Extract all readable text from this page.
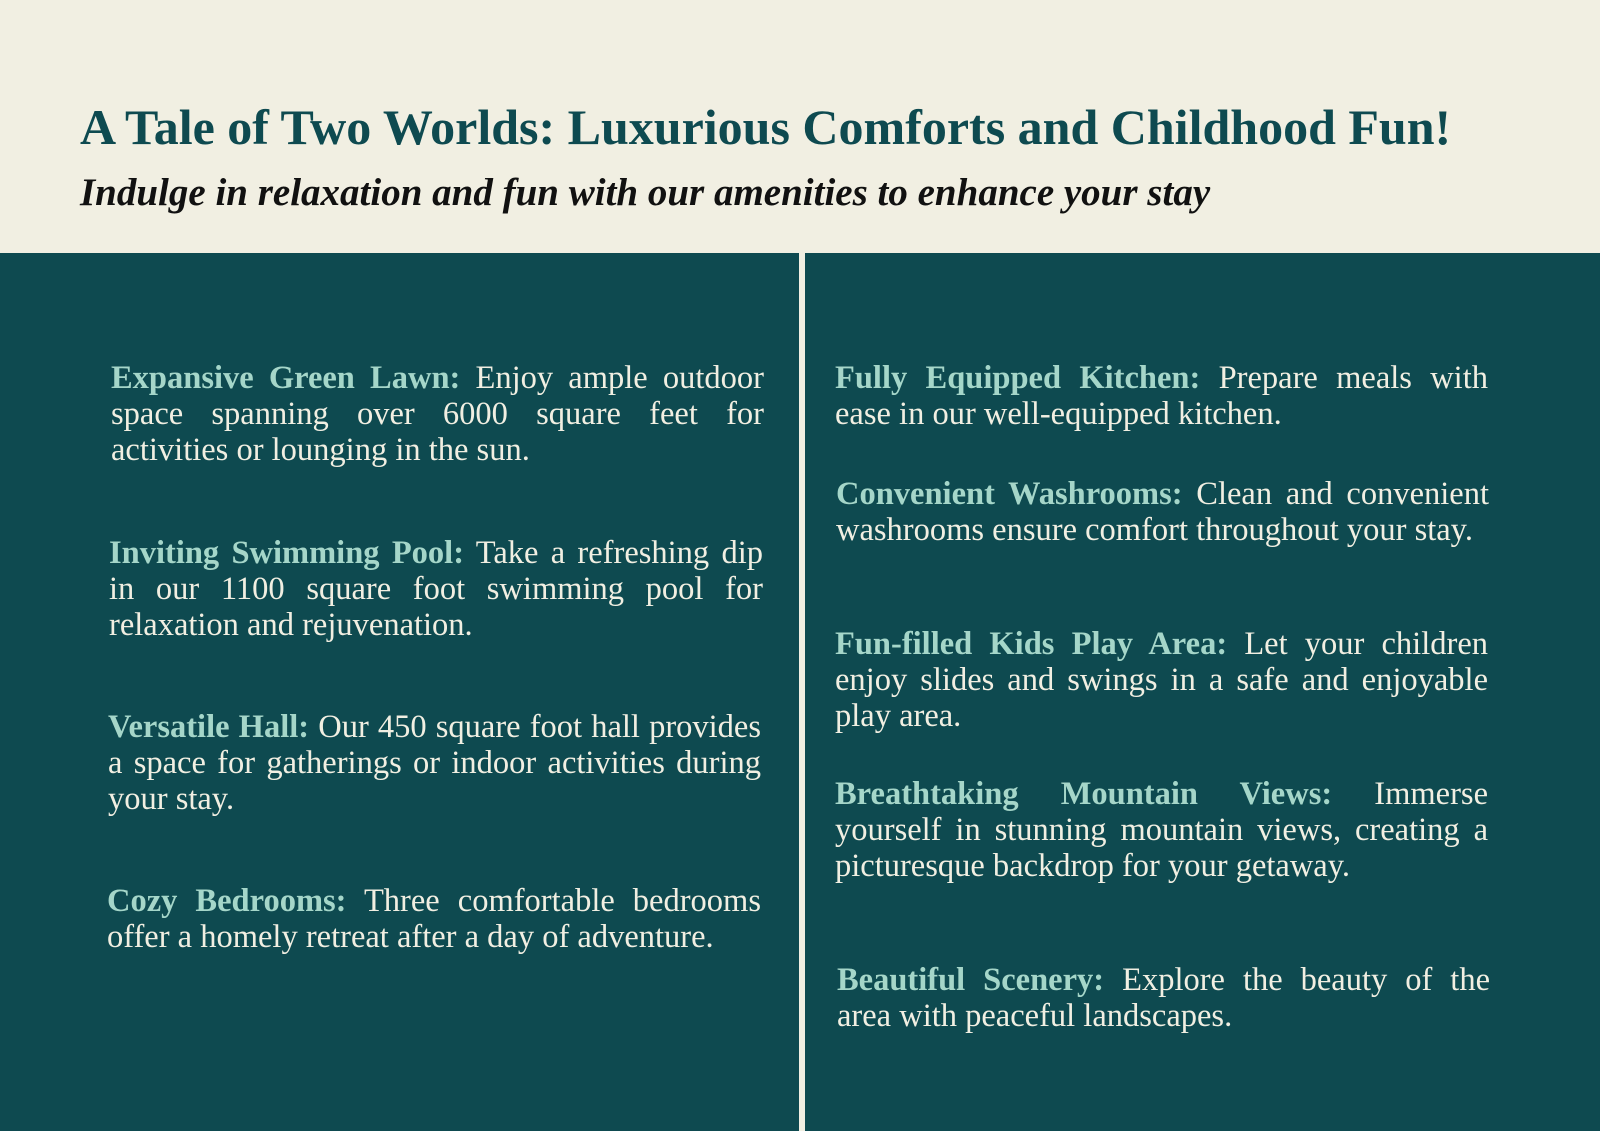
A Tale of Two Worlds: Luxurious Comforts and Childhood Fun!
Indulge in relaxation and fun with our amenities to enhance your stay

Expansive Green Lawn: Enjoy ample outdoor space spanning over 6000 square feet for activities or lounging in the sun.

Inviting Swimming Pool: Take a refreshing dip in our 1100 square foot swimming pool for relaxation and rejuvenation.

Versatile Hall: Our 450 square foot hall provides a space for gatherings or indoor activities during your stay.

Cozy Bedrooms: Three comfortable bedrooms offer a homely retreat after a day of adventure.

Fully Equipped Kitchen: Prepare meals with ease in our well-equipped kitchen.

Convenient Washrooms: Clean and convenient washrooms ensure comfort throughout your stay.

Fun-filled Kids Play Area: Let your children enjoy slides and swings in a safe and enjoyable play area.

Breathtaking Mountain Views: Immerse yourself in stunning mountain views, creating a picturesque backdrop for your getaway.

Beautiful Scenery: Explore the beauty of the area with peaceful landscapes.
